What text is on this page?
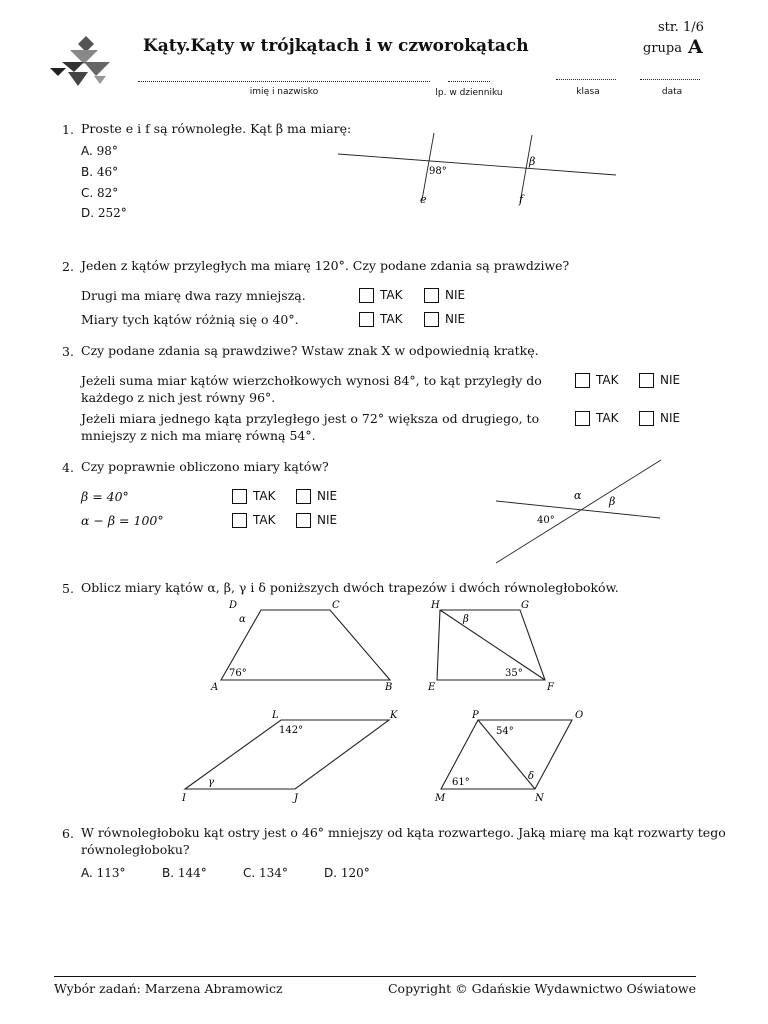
Kąty.Kąty w trójkątach i w czworokątach
str. 1/6
grupa A
imię i nazwisko	lp. w dzienniku	klasa	data
1. Proste e i f są równoległe. Kąt β ma miarę:
A. 98°
B. 46°
C. 82°
D. 252°
98°
β
e	f
2. Jeden z kątów przyległych ma miarę 120°. Czy podane zdania są prawdziwe?
Drugi ma miarę dwa razy mniejszą.	TAK	NIE
Miary tych kątów różnią się o 40°.	TAK	NIE
3. Czy podane zdania są prawdziwe? Wstaw znak X w odpowiednią kratkę.
Jeżeli suma miar kątów wierzchołkowych wynosi 84°, to kąt przyległy do
każdego z nich jest równy 96°.
TAK	NIE
Jeżeli miara jednego kąta przyległego jest o 72° większa od drugiego, to
mniejszy z nich ma miarę równą 54°.
TAK	NIE
4. Czy poprawnie obliczono miary kątów?
β = 40°	TAK	NIE
α − β = 100°	TAK	NIE
α	β
40°
5. Oblicz miary kątów α, β, γ i δ poniższych dwóch trapezów i dwóch równoległoboków.
A	B
C
D
α
76°
E	F
G
H
β
35°
I	J
K
L
γ
142°
M	N
O
P
δ
54°
61°
6. W równoległoboku kąt ostry jest o 46° mniejszy od kąta rozwartego. Jaką miarę ma kąt rozwarty tego
równoległoboku?
A. 113°	B. 144°	C. 134°	D. 120°
Wybór zadań: Marzena Abramowicz	Copyright © Gdańskie Wydawnictwo Oświatowe
